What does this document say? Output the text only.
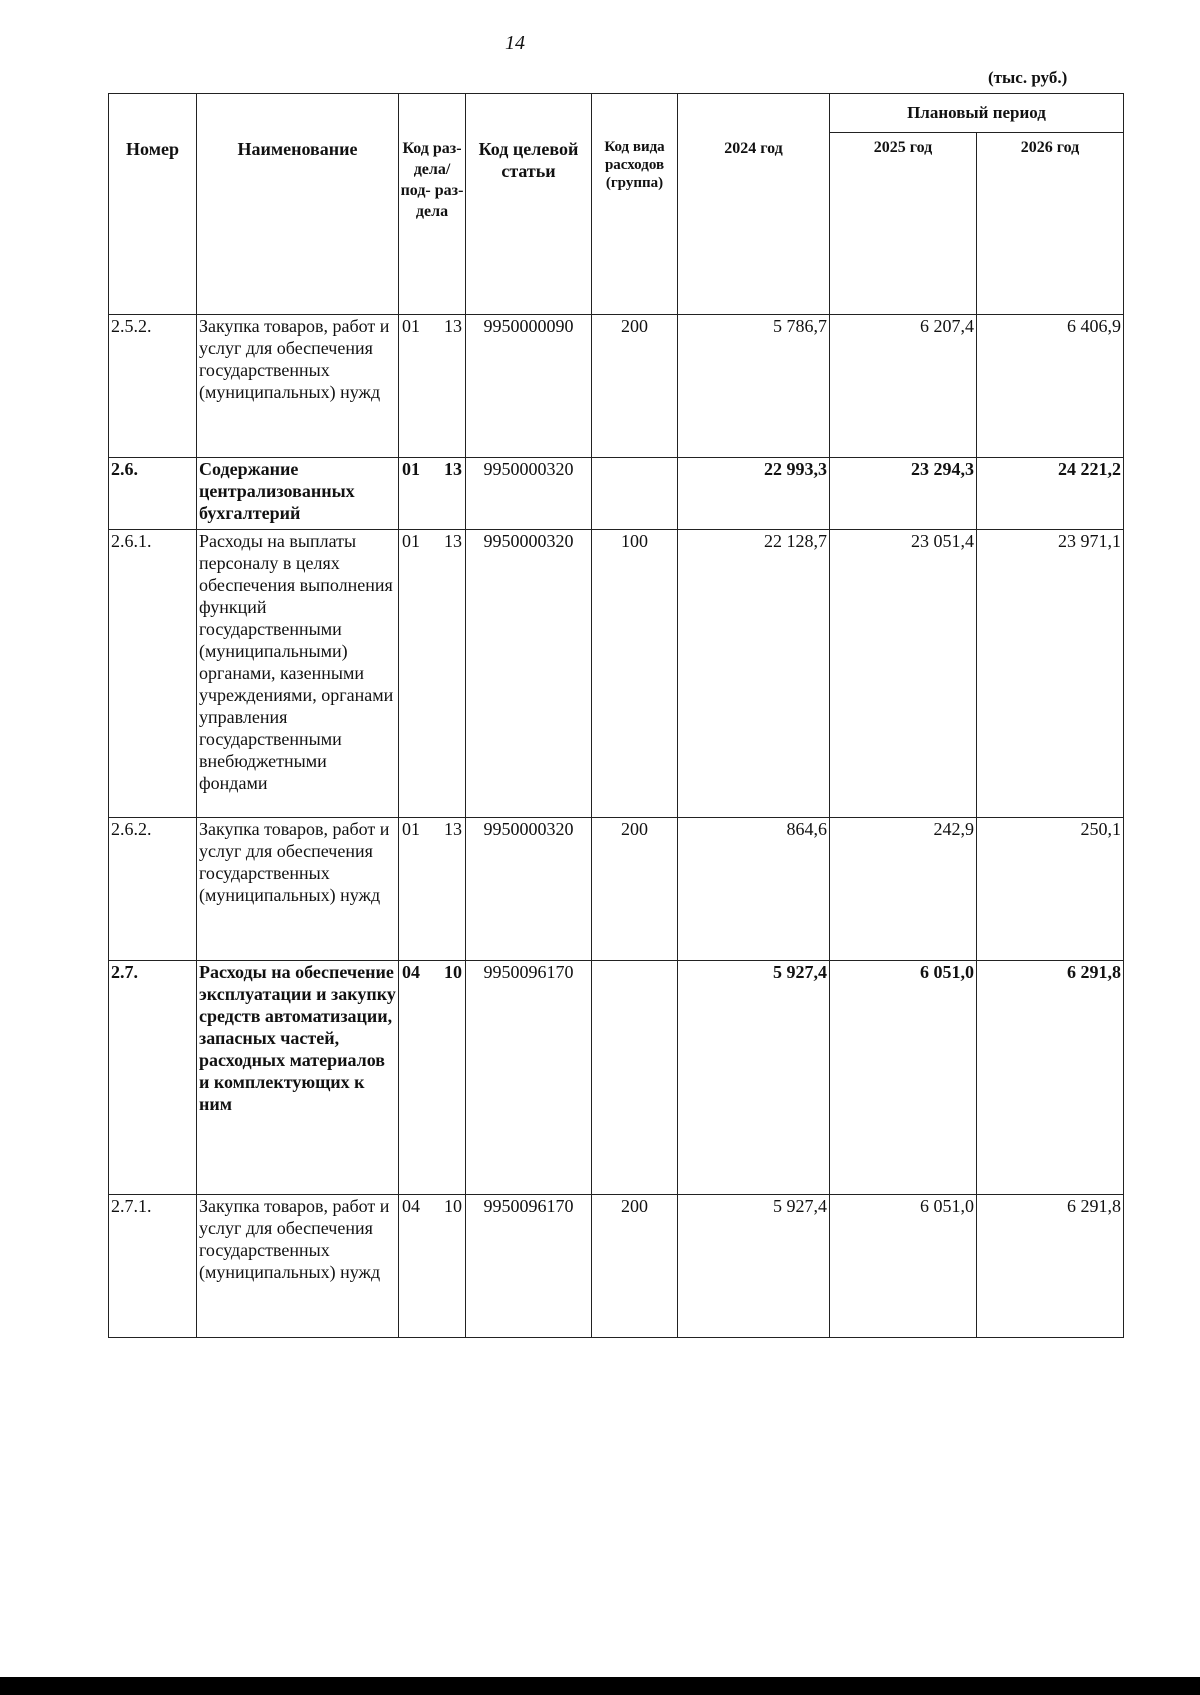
14
(тыс. руб.)
Номер	Наименование	Код раз- дела/ под- раз- дела	Код целевой статьи	Код вида расходов (группа)	2024 год	Плановый период	
						2025 год	2026 год
2.5.2.	Закупка товаров, работ и услуг для обеспечения государственных (муниципальных) нужд	01 13	9950000090	200	5 786,7	6 207,4	6 406,9
2.6.	Содержание централизованных бухгалтерий	01 13	9950000320		22 993,3	23 294,3	24 221,2
2.6.1.	Расходы на выплаты персоналу в целях обеспечения выполнения функций государственными (муниципальными) органами, казенными учреждениями, органами управления государственными внебюджетными фондами	01 13	9950000320	100	22 128,7	23 051,4	23 971,1
2.6.2.	Закупка товаров, работ и услуг для обеспечения государственных (муниципальных) нужд	01 13	9950000320	200	864,6	242,9	250,1
2.7.	Расходы на обеспечение эксплуатации и закупку средств автоматизации, запасных частей, расходных материалов и комплектующих к ним	04 10	9950096170		5 927,4	6 051,0	6 291,8
2.7.1.	Закупка товаров, работ и услуг для обеспечения государственных (муниципальных) нужд	04 10	9950096170	200	5 927,4	6 051,0	6 291,8
